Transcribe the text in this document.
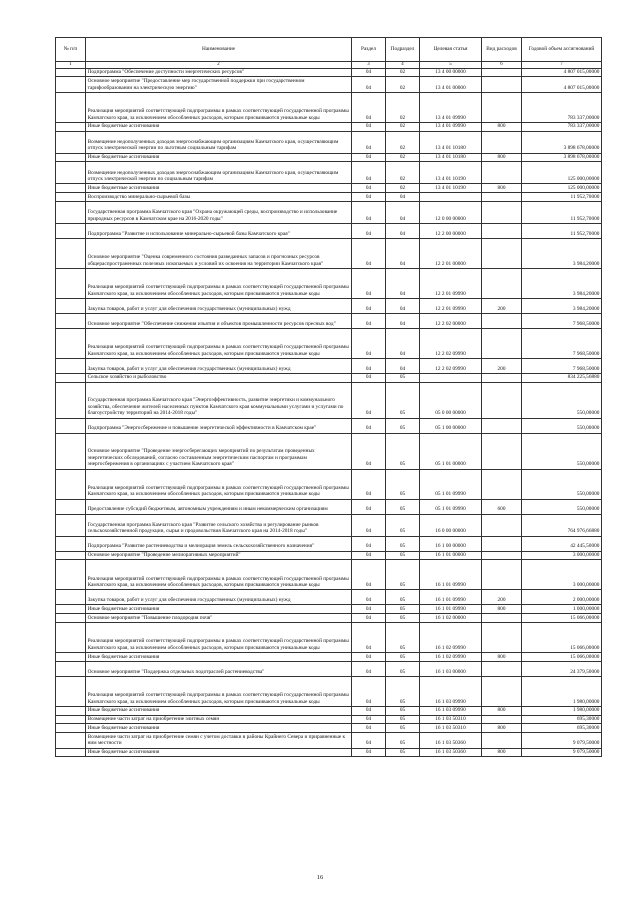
№ п/п	Наименование	Раздел	Подраздел	Целевая статья	Вид расходов	Годовой объем ассигнований
1	2	3	4	5	6	7
	Подпрограмма "Обеспечение доступности энергетических ресурсов"	04	02	13 4 00 00000		4 807 015,00000
	Основное мероприятие "Предоставление мер государственной поддержки при государственном тарифообразовании на электрическую энергию"	04	02	13 4 01 00000		4 807 015,00000
	Реализация мероприятий соответствующей подпрограммы в рамках соответствующей государственной программы Камчатского края, за исключением обособленных расходов, которым присваиваются уникальные коды	04	02	13 4 01 09990		783 337,00000
	Иные бюджетные ассигнования	04	02	13 4 01 09990	800	783 337,00000
	Возмещение недополученных доходов энергоснабжающим организациям Камчатского края, осуществляющим отпуск электрической энергии по льготным социальным тарифам	04	02	13 4 01 10180		3 898 678,00000
	Иные бюджетные ассигнования	04	02	13 4 01 10180	800	3 898 678,00000
	Возмещение недополученных доходов энергоснабжающим организациям Камчатского края, осуществляющим отпуск электрической энергии по социальным тарифам	04	02	13 4 01 10190		125 000,00000
	Иные бюджетные ассигнования	04	02	13 4 01 10190	800	125 000,00000
	Воспроизводство минерально-сырьевой базы	04	04			11 952,70000
	Государственная программа Камчатского края "Охрана окружающей среды, воспроизводство и использование природных ресурсов в Камчатском крае на 2016-2020 годы"	04	04	12 0 00 00000		11 952,70000
	Подпрограмма "Развитие и использование минерально-сырьевой базы Камчатского края"	04	04	12 2 00 00000		11 952,70000
	Основное мероприятие "Оценка современного состояния разведанных запасов и прогнозных ресурсов общераспространенных полезных ископаемых и условий их освоения на территории Камчатского края"	04	04	12 2 01 00000		3 984,20000
	Реализация мероприятий соответствующей подпрограммы в рамках соответствующей государственной программы Камчатского края, за исключением обособленных расходов, которым присваиваются уникальные коды	04	04	12 2 01 09990		3 984,20000
	Закупка товаров, работ и услуг для обеспечения государственных (муниципальных) нужд	04	04	12 2 01 09990	200	3 984,20000
	Основное мероприятие "Обеспечение снижения изъятия и объектов промышленности ресурсов пресных вод"	04	04	12 2 02 00000		7 968,50000
	Реализация мероприятий соответствующей подпрограммы в рамках соответствующей государственной программы Камчатского края, за исключением обособленных расходов, которым присваиваются уникальные коды	04	04	12 2 02 09990		7 968,50000
	Закупка товаров, работ и услуг для обеспечения государственных (муниципальных) нужд	04	04	12 2 02 09990	200	7 968,50000
	Сельское хозяйство и рыболовство	04	05			834 225,56880
	Государственная программа Камчатского края "Энергоэффективность, развитие энергетики и коммунального хозяйства, обеспечение жителей населенных пунктов Камчатского края коммунальными услугами и услугами по благоустройству территорий на 2014-2018 годы"	04	05	05 0 00 00000		550,00000
	Подпрограмма "Энергосбережение и повышение энергетической эффективности в Камчатском крае"	04	05	05 1 00 00000		550,00000
	Основное мероприятие "Проведение энергосберегающих мероприятий по результатам проведенных энергетических обследований, согласно составленным энергетическим паспортам и программам энергосбережения в организациях с участием Камчатского края"	04	05	05 1 01 00000		550,00000
	Реализация мероприятий соответствующей подпрограммы в рамках соответствующей государственной программы Камчатского края, за исключением обособленных расходов, которым присваиваются уникальные коды	04	05	05 1 01 09990		550,00000
	Предоставление субсидий бюджетным, автономным учреждениям и иным некоммерческим организациям	04	05	05 1 01 09990	600	550,00000
	Государственная программа Камчатского края "Развитие сельского хозяйства и регулирование рынков сельскохозяйственной продукции, сырья и продовольствия Камчатского края на 2014-2018 годы"	04	05	16 0 00 00000		764 976,66880
	Подпрограмма "Развитие растениеводства и мелиорация земель сельскохозяйственного назначения"	04	05	16 1 00 00000		42 445,50000
	Основное мероприятие "Проведение мелиоративных мероприятий"	04	05	16 1 01 00000		3 000,00000
	Реализация мероприятий соответствующей подпрограммы в рамках соответствующей государственной программы Камчатского края, за исключением обособленных расходов, которым присваиваются уникальные коды	04	05	16 1 01 09990		3 000,00000
	Закупка товаров, работ и услуг для обеспечения государственных (муниципальных) нужд	04	05	16 1 01 09990	200	2 000,00000
	Иные бюджетные ассигнования	04	05	16 1 01 09990	800	1 000,00000
	Основное мероприятие "Повышение плодородия почв"	04	05	16 1 02 00000		15 066,00000
	Реализация мероприятий соответствующей подпрограммы в рамках соответствующей государственной программы Камчатского края, за исключением обособленных расходов, которым присваиваются уникальные коды	04	05	16 1 02 09990		15 066,00000
	Иные бюджетные ассигнования	04	05	16 1 02 09990	800	15 066,00000
	Основное мероприятие "Поддержка отдельных подотраслей растениеводства"	04	05	16 1 03 00000		24 379,50000
	Реализация мероприятий соответствующей подпрограммы в рамках соответствующей государственной программы Камчатского края, за исключением обособленных расходов, которым присваиваются уникальные коды	04	05	16 1 03 09990		1 980,00000
	Иные бюджетные ассигнования	04	05	16 1 03 09990	800	1 980,00000
	Возмещение части затрат на приобретение элитных семян	04	05	16 1 03 50310		695,30000
	Иные бюджетные ассигнования	04	05	16 1 03 50310	800	695,30000
	Возмещение части затрат на приобретение семян с учетом доставки в районы Крайнего Севера и приравненные к ним местности	04	05	16 1 03 50360		9 079,50000
	Иные бюджетные ассигнования	04	05	16 1 03 50360	800	9 079,50000
16
